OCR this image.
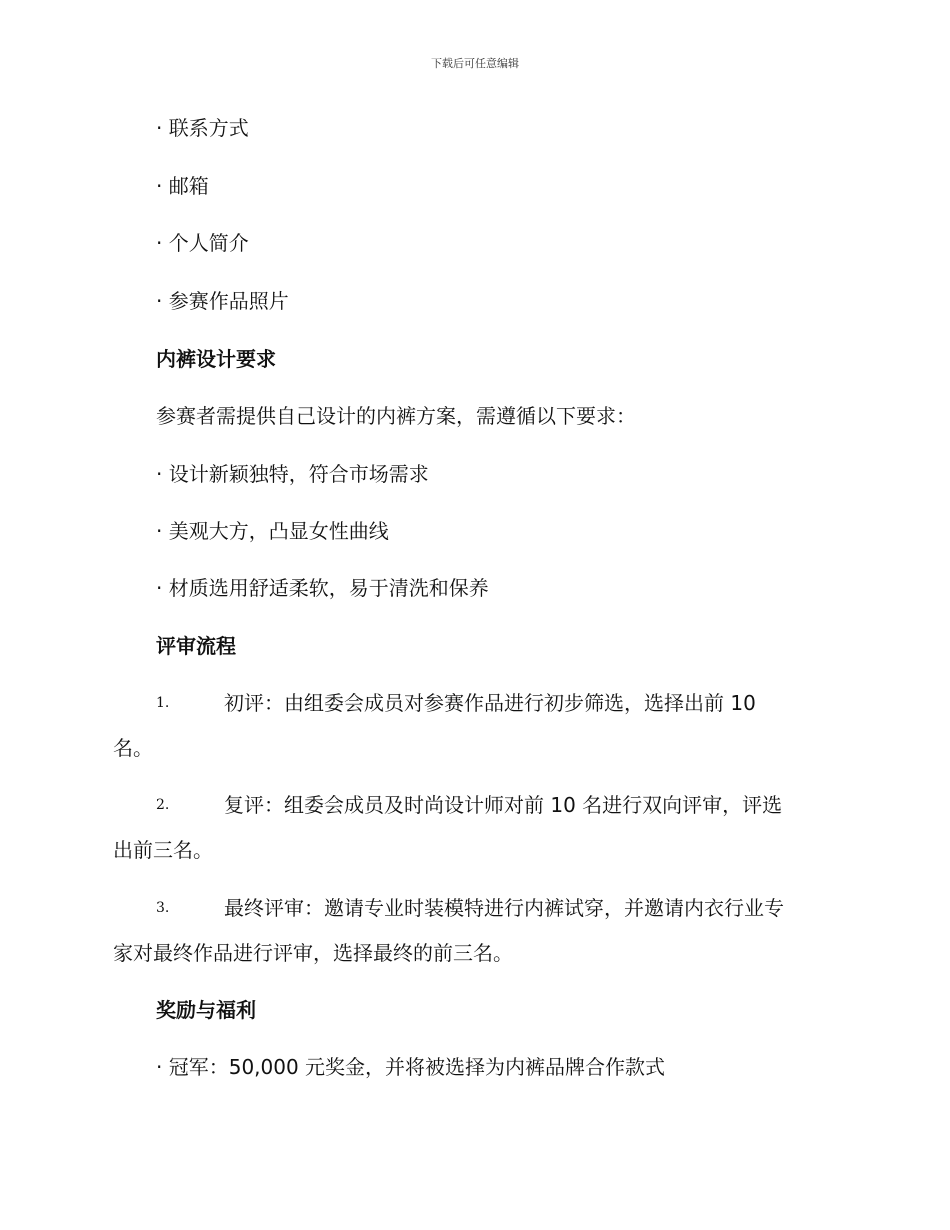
下载后可任意编辑
· 联系方式
· 邮箱
· 个人简介
· 参赛作品照片
内裤设计要求
参赛者需提供自己设计的内裤方案，需遵循以下要求：
· 设计新颖独特，符合市场需求
· 美观大方，凸显女性曲线
· 材质选用舒适柔软，易于清洗和保养
评审流程
1.	初评：由组委会成员对参赛作品进行初步筛选，选择出前 10
名。
2.	复评：组委会成员及时尚设计师对前 10 名进行双向评审，评选
出前三名。
3.	最终评审：邀请专业时装模特进行内裤试穿，并邀请内衣行业专
家对最终作品进行评审，选择最终的前三名。
奖励与福利
· 冠军：50,000 元奖金，并将被选择为内裤品牌合作款式
